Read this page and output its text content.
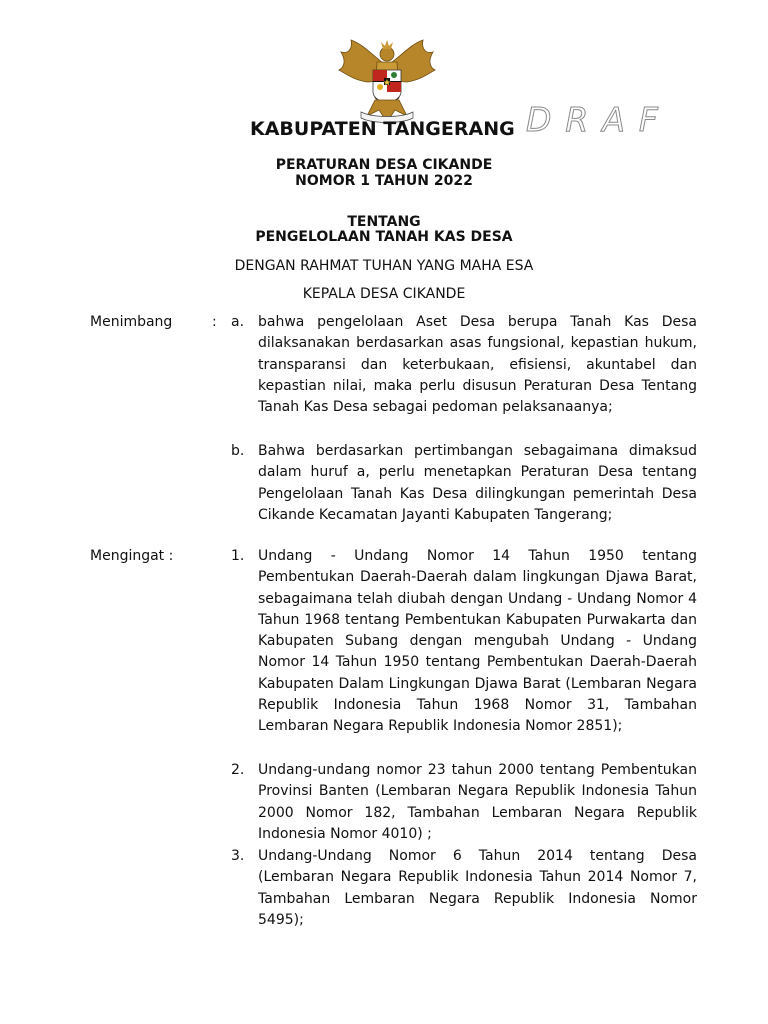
DRAF
KABUPATEN TANGERANG
PERATURAN DESA CIKANDE
NOMOR 1 TAHUN 2022
TENTANG
PENGELOLAAN TANAH KAS DESA
DENGAN RAHMAT TUHAN YANG MAHA ESA
KEPALA DESA CIKANDE
Menimbang	: a. bahwa pengelolaan Aset Desa berupa Tanah Kas Desa dilaksanakan berdasarkan asas fungsional, kepastian hukum, transparansi dan keterbukaan, efisiensi, akuntabel dan kepastian nilai, maka perlu disusun Peraturan Desa Tentang Tanah Kas Desa sebagai pedoman pelaksanaanya;
b. Bahwa berdasarkan pertimbangan sebagaimana dimaksud dalam huruf a, perlu menetapkan Peraturan Desa tentang Pengelolaan Tanah Kas Desa dilingkungan pemerintah Desa Cikande Kecamatan Jayanti Kabupaten Tangerang;
Mengingat :	1. Undang - Undang Nomor 14 Tahun 1950 tentang Pembentukan Daerah-Daerah dalam lingkungan Djawa Barat, sebagaimana telah diubah dengan Undang - Undang Nomor 4 Tahun 1968 tentang Pembentukan Kabupaten Purwakarta dan Kabupaten Subang dengan mengubah Undang - Undang Nomor 14 Tahun 1950 tentang Pembentukan Daerah-Daerah Kabupaten Dalam Lingkungan Djawa Barat (Lembaran Negara Republik Indonesia Tahun 1968 Nomor 31, Tambahan Lembaran Negara Republik Indonesia Nomor 2851);
2. Undang-undang nomor 23 tahun 2000 tentang Pembentukan Provinsi Banten (Lembaran Negara Republik Indonesia Tahun 2000 Nomor 182, Tambahan Lembaran Negara Republik Indonesia Nomor 4010) ;
3. Undang-Undang Nomor 6 Tahun 2014 tentang Desa (Lembaran Negara Republik Indonesia Tahun 2014 Nomor 7, Tambahan Lembaran Negara Republik Indonesia Nomor 5495);
